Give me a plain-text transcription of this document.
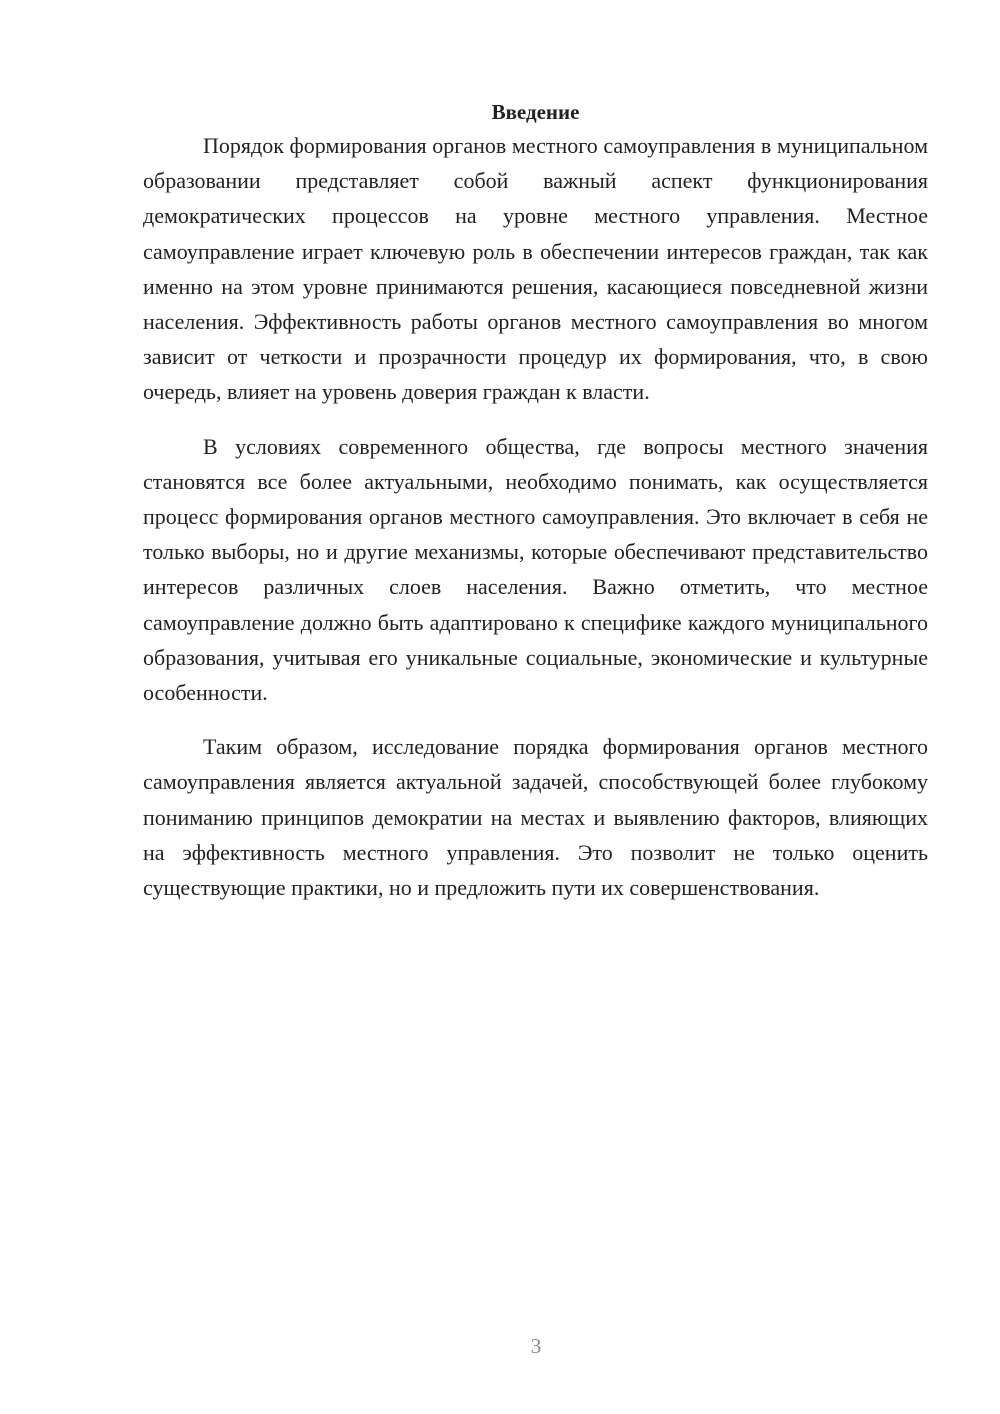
Введение

Порядок формирования органов местного самоуправления в муниципальном образовании представляет собой важный аспект функционирования демократических процессов на уровне местного управления. Местное самоуправление играет ключевую роль в обеспечении интересов граждан, так как именно на этом уровне принимаются решения, касающиеся повседневной жизни населения. Эффективность работы органов местного самоуправления во многом зависит от четкости и прозрачности процедур их формирования, что, в свою очередь, влияет на уровень доверия граждан к власти.

В условиях современного общества, где вопросы местного значения становятся все более актуальными, необходимо понимать, как осуществляется процесс формирования органов местного самоуправления. Это включает в себя не только выборы, но и другие механизмы, которые обеспечивают представительство интересов различных слоев населения. Важно отметить, что местное самоуправление должно быть адаптировано к специфике каждого муниципального образования, учитывая его уникальные социальные, экономические и культурные особенности.

Таким образом, исследование порядка формирования органов местного самоуправления является актуальной задачей, способствующей более глубокому пониманию принципов демократии на местах и выявлению факторов, влияющих на эффективность местного управления. Это позволит не только оценить существующие практики, но и предложить пути их совершенствования.

3
